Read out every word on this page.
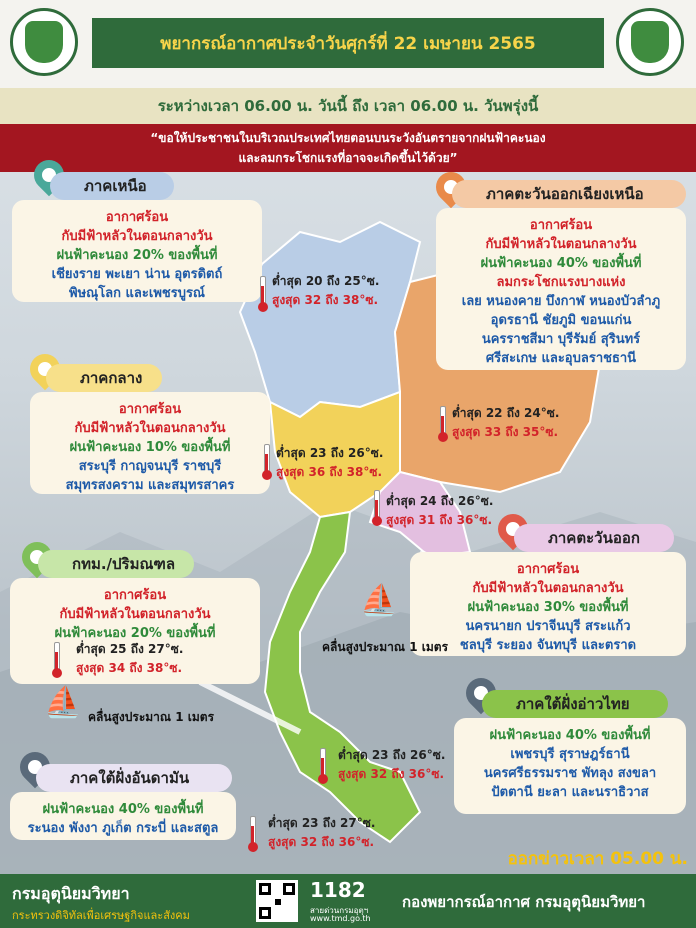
พยากรณ์อากาศประจำวันศุกร์ที่ 22 เมษายน 2565
ระหว่างเวลา 06.00 น. วันนี้ ถึง เวลา 06.00 น. วันพรุ่งนี้
“ขอให้ประชาชนในบริเวณประเทศไทยตอนบนระวังอันตรายจากฝนฟ้าคะนอง
และลมกระโชกแรงที่อาจจะเกิดขึ้นไว้ด้วย”
ภาคเหนือ
อากาศร้อน
กับมีฟ้าหลัวในตอนกลางวัน
ฝนฟ้าคะนอง 20% ของพื้นที่
เชียงราย พะเยา น่าน อุตรดิตถ์
พิษณุโลก และเพชรบูรณ์
ต่ำสุด 20 ถึง 25°ซ.
สูงสุด 32 ถึง 38°ซ.
ภาคตะวันออกเฉียงเหนือ
อากาศร้อน
กับมีฟ้าหลัวในตอนกลางวัน
ฝนฟ้าคะนอง 40% ของพื้นที่
ลมกระโชกแรงบางแห่ง
เลย หนองคาย บึงกาฬ หนองบัวลำภู
อุดรธานี ชัยภูมิ ขอนแก่น
นครราชสีมา บุรีรัมย์ สุรินทร์
ศรีสะเกษ และอุบลราชธานี
ต่ำสุด 22 ถึง 24°ซ.
สูงสุด 33 ถึง 35°ซ.
ภาคกลาง
อากาศร้อน
กับมีฟ้าหลัวในตอนกลางวัน
ฝนฟ้าคะนอง 10% ของพื้นที่
สระบุรี กาญจนบุรี ราชบุรี
สมุทรสงคราม และสมุทรสาคร
ต่ำสุด 23 ถึง 26°ซ.
สูงสุด 36 ถึง 38°ซ.
ต่ำสุด 24 ถึง 26°ซ.
สูงสุด 31 ถึง 36°ซ.
ภาคตะวันออก
อากาศร้อน
กับมีฟ้าหลัวในตอนกลางวัน
ฝนฟ้าคะนอง 30% ของพื้นที่
นครนายก ปราจีนบุรี สระแก้ว
ชลบุรี ระยอง จันทบุรี และตราด
⛵
คลื่นสูงประมาณ 1 เมตร
กทม./ปริมณฑล
อากาศร้อน
กับมีฟ้าหลัวในตอนกลางวัน
ฝนฟ้าคะนอง 20% ของพื้นที่
ต่ำสุด 25 ถึง 27°ซ.
สูงสุด 34 ถึง 38°ซ.
⛵ คลื่นสูงประมาณ 1 เมตร
ภาคใต้ฝั่งอ่าวไทย
ฝนฟ้าคะนอง 40% ของพื้นที่
เพชรบุรี สุราษฎร์ธานี
นครศรีธรรมราช พัทลุง สงขลา
ปัตตานี ยะลา และนราธิวาส
ต่ำสุด 23 ถึง 26°ซ.
สูงสุด 32 ถึง 36°ซ.
ภาคใต้ฝั่งอันดามัน
ฝนฟ้าคะนอง 40% ของพื้นที่
ระนอง พังงา ภูเก็ต กระบี่ และสตูล	ต่ำสุด 23 ถึง 27°ซ.
สูงสุด 32 ถึง 36°ซ.
ออกข่าวเวลา 05.00 น.
กรมอุตุนิยมวิทยา
กระทรวงดิจิทัลเพื่อเศรษฐกิจและสังคม
1182
สายด่วนกรมอุตุฯ
www.tmd.go.th
กองพยากรณ์อากาศ กรมอุตุนิยมวิทยา
